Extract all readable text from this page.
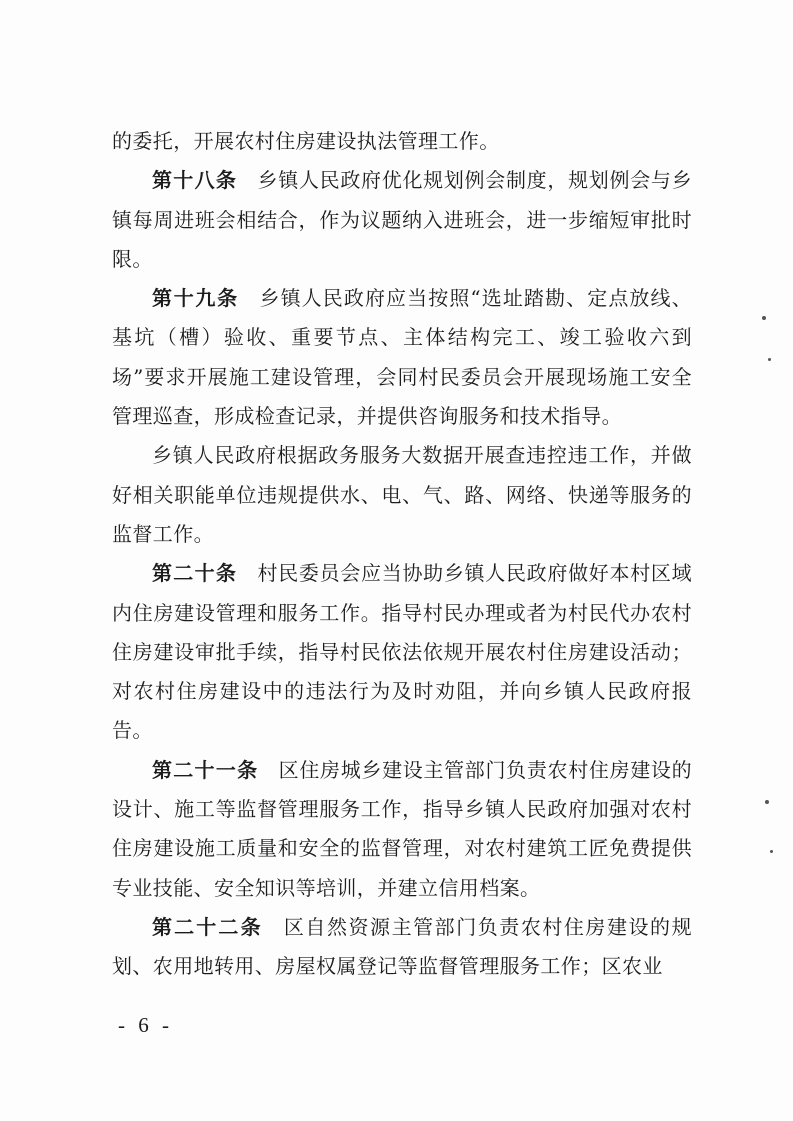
的委托，开展农村住房建设执法管理工作。

第十八条 乡镇人民政府优化规划例会制度，规划例会与乡镇每周进班会相结合，作为议题纳入进班会，进一步缩短审批时限。

第十九条 乡镇人民政府应当按照“选址踏勘、定点放线、基坑（槽）验收、重要节点、主体结构完工、竣工验收六到场”要求开展施工建设管理，会同村民委员会开展现场施工安全管理巡查，形成检查记录，并提供咨询服务和技术指导。

乡镇人民政府根据政务服务大数据开展查违控违工作，并做好相关职能单位违规提供水、电、气、路、网络、快递等服务的监督工作。

第二十条 村民委员会应当协助乡镇人民政府做好本村区域内住房建设管理和服务工作。指导村民办理或者为村民代办农村住房建设审批手续，指导村民依法依规开展农村住房建设活动；对农村住房建设中的违法行为及时劝阻，并向乡镇人民政府报告。

第二十一条 区住房城乡建设主管部门负责农村住房建设的设计、施工等监督管理服务工作，指导乡镇人民政府加强对农村住房建设施工质量和安全的监督管理，对农村建筑工匠免费提供专业技能、安全知识等培训，并建立信用档案。

第二十二条 区自然资源主管部门负责农村住房建设的规划、农用地转用、房屋权属登记等监督管理服务工作；区农业

- 6 -
